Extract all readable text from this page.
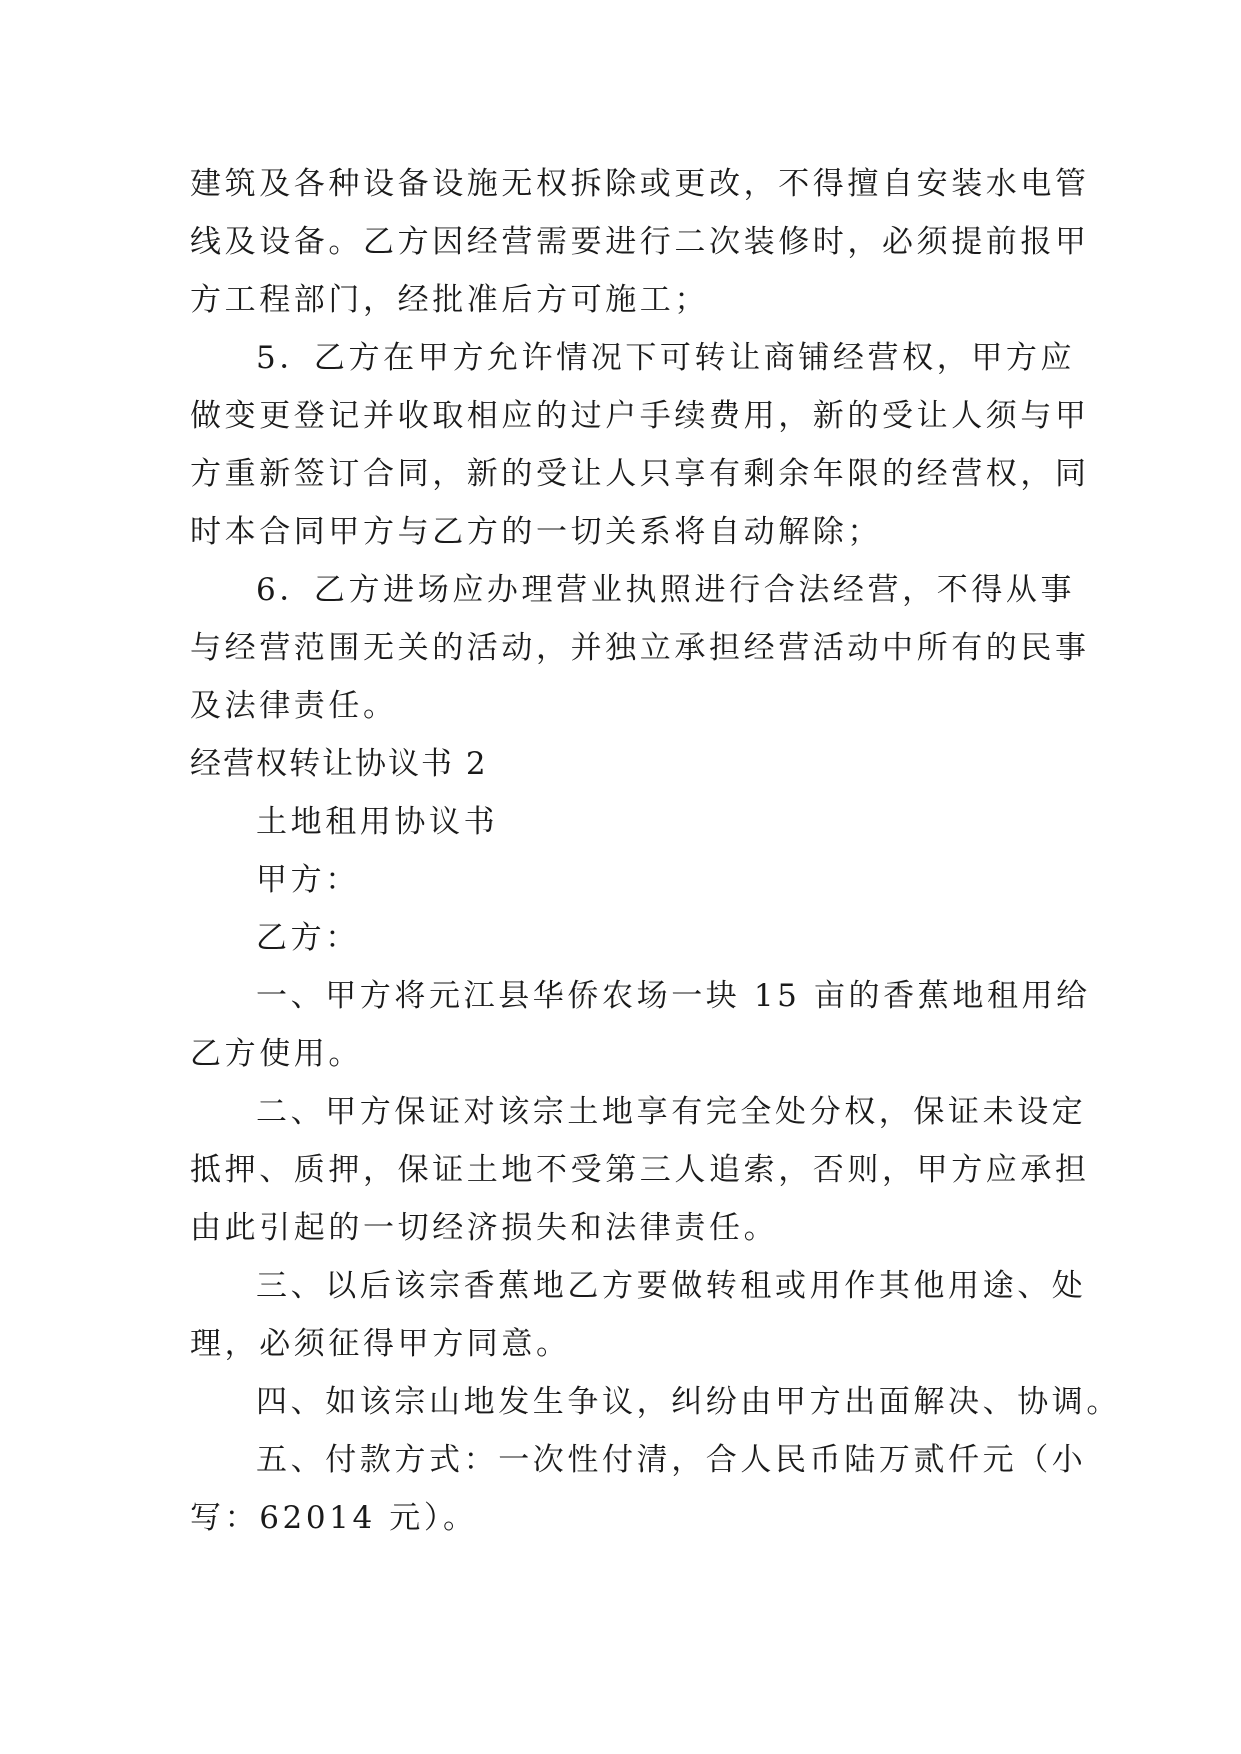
建筑及各种设备设施无权拆除或更改，不得擅自安装水电管
线及设备。乙方因经营需要进行二次装修时，必须提前报甲
方工程部门，经批准后方可施工；
5．乙方在甲方允许情况下可转让商铺经营权，甲方应
做变更登记并收取相应的过户手续费用，新的受让人须与甲
方重新签订合同，新的受让人只享有剩余年限的经营权，同
时本合同甲方与乙方的一切关系将自动解除；
6．乙方进场应办理营业执照进行合法经营，不得从事
与经营范围无关的活动，并独立承担经营活动中所有的民事
及法律责任。
经营权转让协议书 2
土地租用协议书
甲方：
乙方：
一、甲方将元江县华侨农场一块 15 亩的香蕉地租用给
乙方使用。
二、甲方保证对该宗土地享有完全处分权，保证未设定
抵押、质押，保证土地不受第三人追索，否则，甲方应承担
由此引起的一切经济损失和法律责任。
三、以后该宗香蕉地乙方要做转租或用作其他用途、处
理，必须征得甲方同意。
四、如该宗山地发生争议，纠纷由甲方出面解决、协调。
五、付款方式：一次性付清，合人民币陆万贰仟元（小
写：62014 元）。
